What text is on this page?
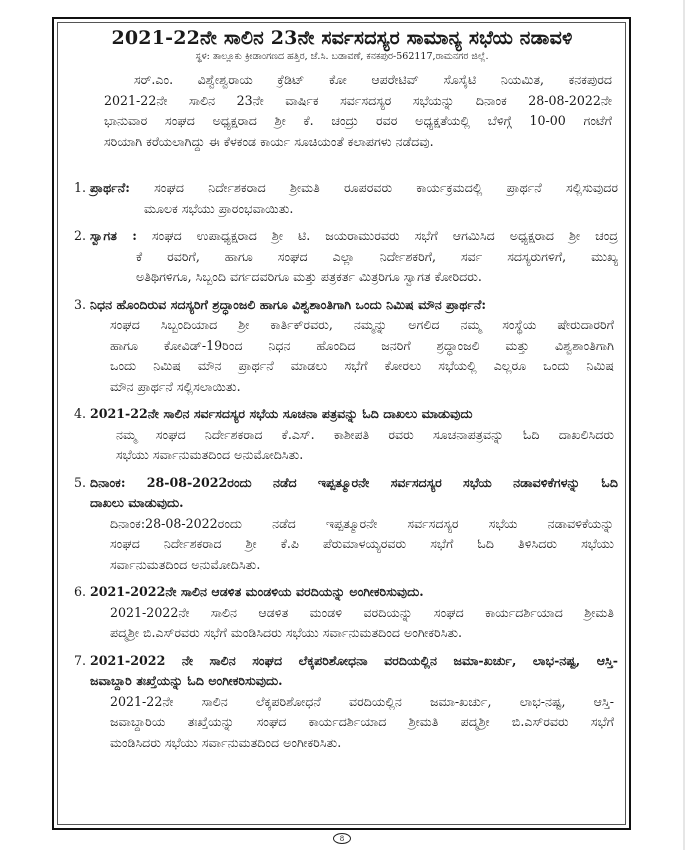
2021-22ನೇ ಸಾಲಿನ 23ನೇ ಸರ್ವಸದಸ್ಯರ ಸಾಮಾನ್ಯ ಸಭೆಯ ನಡಾವಳಿ

ಸ್ಥಳ: ತಾಲ್ಲೂಕು ಕ್ರೀಡಾಂಗಣದ ಹತ್ತಿರ, ಜೆ.ಸಿ. ಬಡಾವಣೆ, ಕನಕಪುರ-562117,ರಾಮನಗರ ಜಿಲ್ಲೆ.

ಸರ್.ಎಂ. ವಿಶ್ವೇಶ್ವರಾಯ ಕ್ರೆಡಿಟ್ ಕೋ ಆಪರೇಟಿವ್ ಸೊಸೈಟಿ ನಿಯಮಿತ, ಕನಕಪುರದ
2021-22ನೇ ಸಾಲಿನ 23ನೇ ವಾರ್ಷಿಕ ಸರ್ವಸದಸ್ಯರ ಸಭೆಯನ್ನು ದಿನಾಂಕ 28-08-2022ನೇ
ಭಾನುವಾರ ಸಂಘದ ಅಧ್ಯಕ್ಷರಾದ ಶ್ರೀ ಕೆ. ಚಂದ್ರು ರವರ ಅಧ್ಯಕ್ಷತೆಯಲ್ಲಿ ಬೆಳಿಗ್ಗೆ 10-00 ಗಂಟೆಗೆ
ಸರಿಯಾಗಿ ಕರೆಯಲಾಗಿದ್ದು ಈ ಕೆಳಕಂಡ ಕಾರ್ಯ ಸೂಚಿಯಂತೆ ಕಲಾಪಗಳು ನಡೆದವು.
1. ಪ್ರಾರ್ಥನೆ: ಸಂಘದ ನಿರ್ದೇಶಕರಾದ ಶ್ರೀಮತಿ ರೂಪರವರು ಕಾರ್ಯಕ್ರಮದಲ್ಲಿ ಪ್ರಾರ್ಥನೆ ಸಲ್ಲಿಸುವುದರ
ಮೂಲಕ ಸಭೆಯು ಪ್ರಾರಂಭವಾಯಿತು.
2. ಸ್ವಾಗತ : ಸಂಘದ ಉಪಾಧ್ಯಕ್ಷರಾದ ಶ್ರೀ ಟಿ. ಜಯರಾಮುರವರು ಸಭೆಗೆ ಆಗಮಿಸಿದ ಅಧ್ಯಕ್ಷರಾದ ಶ್ರೀ ಚಂದ್ರ
ಕೆ ರವರಿಗೆ, ಹಾಗೂ ಸಂಘದ ಎಲ್ಲಾ ನಿರ್ದೇಶಕರಿಗೆ, ಸರ್ವ ಸದಸ್ಯರುಗಳಿಗೆ, ಮುಖ್ಯ
ಅತಿಥಿಗಳಿಗೂ, ಸಿಬ್ಬಂದಿ ವರ್ಗದವರಿಗೂ ಮತ್ತು ಪತ್ರಕರ್ತ ಮಿತ್ರರಿಗೂ ಸ್ವಾಗತ ಕೋರಿದರು.
3. ನಿಧನ ಹೊಂದಿರುವ ಸದಸ್ಯರಿಗೆ ಶ್ರದ್ಧಾಂಜಲಿ ಹಾಗೂ ವಿಶ್ವಶಾಂತಿಗಾಗಿ ಒಂದು ನಿಮಿಷ ಮೌನ ಪ್ರಾರ್ಥನೆ:
ಸಂಘದ ಸಿಬ್ಬಂದಿಯಾದ ಶ್ರೀ ಕಾರ್ತಿಕ್‌ರವರು, ನಮ್ಮನ್ನು ಅಗಲಿದ ನಮ್ಮ ಸಂಸ್ಥೆಯ ಷೇರುದಾರರಿಗೆ
ಹಾಗೂ ಕೋವಿಡ್-19ರಿಂದ ನಿಧನ ಹೊಂದಿದ ಜನರಿಗೆ ಶ್ರದ್ಧಾಂಜಲಿ ಮತ್ತು ವಿಶ್ವಶಾಂತಿಗಾಗಿ
ಒಂದು ನಿಮಿಷ ಮೌನ ಪ್ರಾರ್ಥನೆ ಮಾಡಲು ಸಭೆಗೆ ಕೋರಲು ಸಭೆಯಲ್ಲಿ ಎಲ್ಲರೂ ಒಂದು ನಿಮಿಷ
ಮೌನ ಪ್ರಾರ್ಥನೆ ಸಲ್ಲಿಸಲಾಯಿತು.
4. 2021-22ನೇ ಸಾಲಿನ ಸರ್ವಸದಸ್ಯರ ಸಭೆಯ ಸೂಚನಾ ಪತ್ರವನ್ನು ಓದಿ ದಾಖಲು ಮಾಡುವುದು
ನಮ್ಮ ಸಂಘದ ನಿರ್ದೇಶಕರಾದ ಕೆ.ಎಸ್. ಕಾಶೀಪತಿ ರವರು ಸೂಚನಾಪತ್ರವನ್ನು ಓದಿ ದಾಖಲಿಸಿದರು
ಸಭೆಯು ಸರ್ವಾನುಮತದಿಂದ ಅನುಮೋದಿಸಿತು.
5. ದಿನಾಂಕ: 28-08-2022ರಂದು ನಡೆದ ಇಪ್ಪತ್ಮೂರನೇ ಸರ್ವಸದಸ್ಯರ ಸಭೆಯ ನಡಾವಳಿಕೆಗಳನ್ನು ಓದಿ
ದಾಖಲು ಮಾಡುವುದು.
ದಿನಾಂಕ:28-08-2022ರಂದು ನಡೆದ ಇಪ್ಪತ್ಮೂರನೇ ಸರ್ವಸದಸ್ಯರ ಸಭೆಯ ನಡಾವಳಿಕೆಯನ್ನು
ಸಂಘದ ನಿರ್ದೇಶಕರಾದ ಶ್ರೀ ಕೆ.ಪಿ ಪೆರುಮಾಳಯ್ಯರವರು ಸಭೆಗೆ ಓದಿ ತಿಳಿಸಿದರು ಸಭೆಯು
ಸರ್ವಾನುಮತದಿಂದ ಅನುಮೋದಿಸಿತು.
6. 2021-2022ನೇ ಸಾಲಿನ ಆಡಳಿತ ಮಂಡಳಿಯ ವರದಿಯನ್ನು ಅಂಗೀಕರಿಸುವುದು.
2021-2022ನೇ ಸಾಲಿನ ಆಡಳಿತ ಮಂಡಳಿ ವರದಿಯನ್ನು ಸಂಘದ ಕಾರ್ಯದರ್ಶಿಯಾದ ಶ್ರೀಮತಿ
ಪದ್ಮಶ್ರೀ ಬಿ.ಎಸ್‌ರವರು ಸಭೆಗೆ ಮಂಡಿಸಿದರು ಸಭೆಯು ಸರ್ವಾನುಮತದಿಂದ ಅಂಗೀಕರಿಸಿತು.
7. 2021-2022 ನೇ ಸಾಲಿನ ಸಂಘದ ಲೆಕ್ಕಪರಿಶೋಧನಾ ವರದಿಯಲ್ಲಿನ ಜಮಾ-ಖರ್ಚು, ಲಾಭ-ನಷ್ಟ, ಆಸ್ತಿ-
ಜವಾಬ್ದಾರಿ ತಃಖ್ತೆಯನ್ನು ಓದಿ ಅಂಗೀಕರಿಸುವುದು.
2021-22ನೇ ಸಾಲಿನ ಲೆಕ್ಕಪರಿಶೋಧನೆ ವರದಿಯಲ್ಲಿನ ಜಮಾ-ಖರ್ಚು, ಲಾಭ-ನಷ್ಟ, ಆಸ್ತಿ-
ಜವಾಬ್ದಾರಿಯ ತಃಖ್ತೆಯನ್ನು ಸಂಘದ ಕಾರ್ಯದರ್ಶಿಯಾದ ಶ್ರೀಮತಿ ಪದ್ಮಶ್ರೀ ಬಿ.ಎಸ್‌ರವರು ಸಭೆಗೆ
ಮಂಡಿಸಿದರು ಸಭೆಯು ಸರ್ವಾನುಮತದಿಂದ ಅಂಗೀಕರಿಸಿತು.
8
